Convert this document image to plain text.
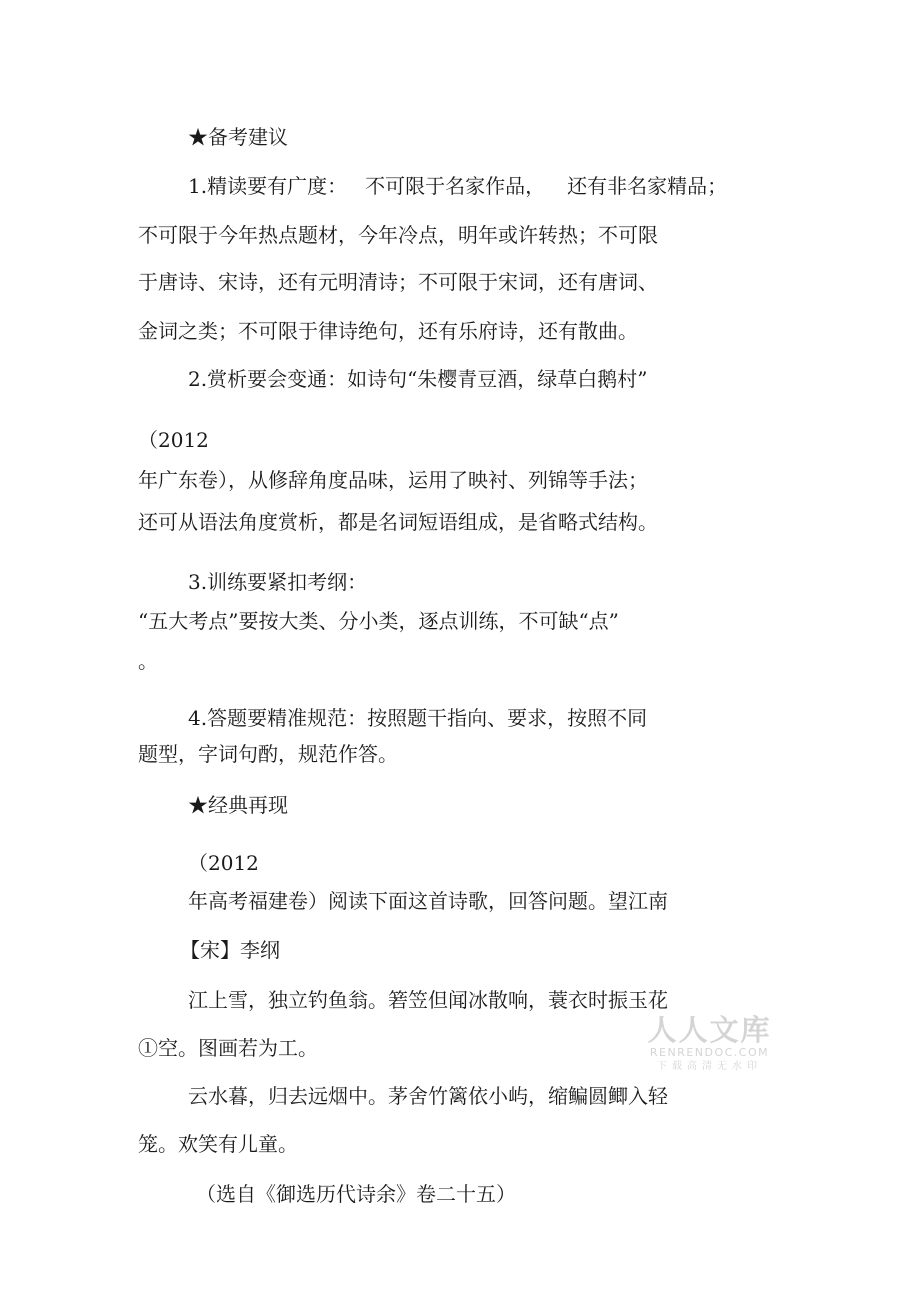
★备考建议

1.精读要有广度： 不可限于名家作品， 还有非名家精品；

不可限于今年热点题材，今年冷点，明年或许转热；不可限

于唐诗、宋诗，还有元明清诗；不可限于宋词，还有唐词、

金词之类；不可限于律诗绝句，还有乐府诗，还有散曲。

2.赏析要会变通：如诗句“朱樱青豆酒，绿草白鹅村”

（2012

年广东卷），从修辞角度品味，运用了映衬、列锦等手法；

还可从语法角度赏析，都是名词短语组成，是省略式结构。

3.训练要紧扣考纲：

“五大考点”要按大类、分小类，逐点训练，不可缺“点”

。

4.答题要精准规范：按照题干指向、要求，按照不同

题型，字词句酌，规范作答。

★经典再现

（2012

年高考福建卷）阅读下面这首诗歌，回答问题。望江南

【宋】李纲

江上雪，独立钓鱼翁。箬笠但闻冰散响，蓑衣时振玉花

①空。图画若为工。

云水暮，归去远烟中。茅舍竹篱依小屿，缩鳊圆鲫入轻

笼。欢笑有儿童。

（选自《御选历代诗余》卷二十五）

人人文库
RENRENDOC.COM
下载高清无水印
